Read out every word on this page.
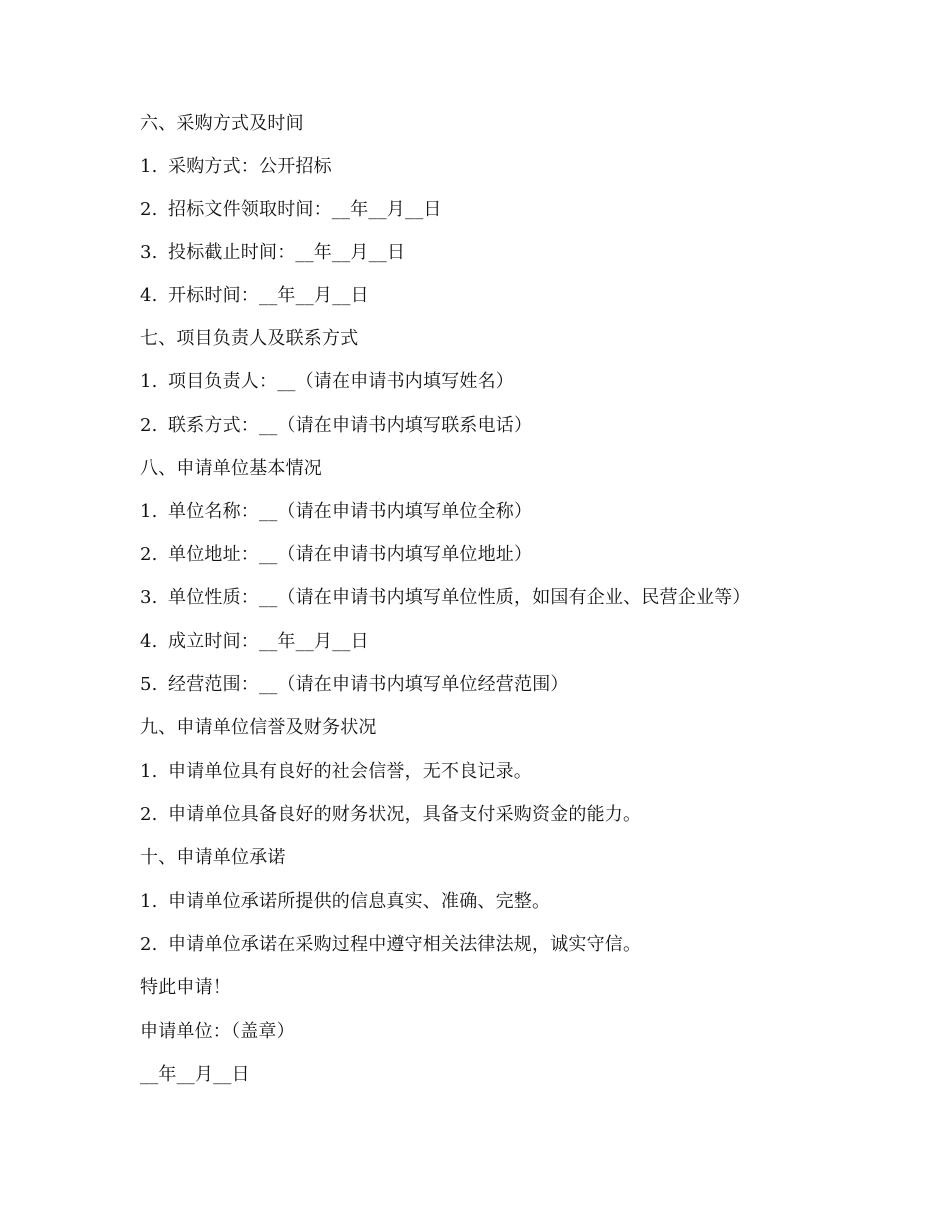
六、采购方式及时间
1. 采购方式：公开招标
2. 招标文件领取时间：__年__月__日
3. 投标截止时间：__年__月__日
4. 开标时间：__年__月__日
七、项目负责人及联系方式
1. 项目负责人：__（请在申请书内填写姓名）
2. 联系方式：__（请在申请书内填写联系电话）
八、申请单位基本情况
1. 单位名称：__（请在申请书内填写单位全称）
2. 单位地址：__（请在申请书内填写单位地址）
3. 单位性质：__（请在申请书内填写单位性质，如国有企业、民营企业等）
4. 成立时间：__年__月__日
5. 经营范围：__（请在申请书内填写单位经营范围）
九、申请单位信誉及财务状况
1. 申请单位具有良好的社会信誉，无不良记录。
2. 申请单位具备良好的财务状况，具备支付采购资金的能力。
十、申请单位承诺
1. 申请单位承诺所提供的信息真实、准确、完整。
2. 申请单位承诺在采购过程中遵守相关法律法规，诚实守信。
特此申请！
申请单位：（盖章）
__年__月__日
